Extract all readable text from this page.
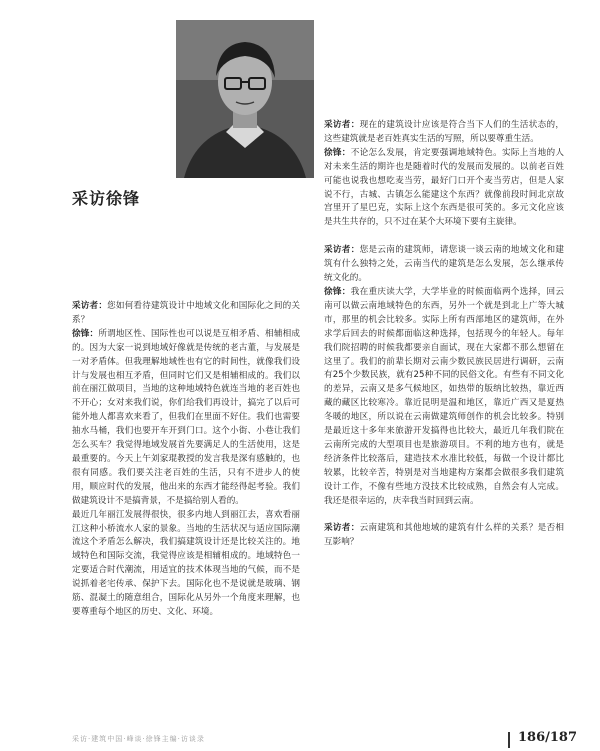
采访徐锋

采访者：您如何看待建筑设计中地域文化和国际化之间的关系？

徐锋：所谓地区性、国际性也可以说是互相矛盾、相辅相成的。因为大家一说到地域好像就是传统的老古董，与发展是一对矛盾体。但我理解地域性也有它的时间性，就像我们设计与发展也相互矛盾，但同时它们又是相辅相成的。我们以前在丽江做项目，当地的这种地域特色就连当地的老百姓也不开心；女对来我们说，你们给我们再设计，搞完了以后可能外地人都喜欢来看了，但我们在里面不好住。我们也需要抽水马桶，我们也要开车开到门口。这个小街、小巷让我们怎么买车？我觉得地域发展首先要满足人的生活使用，这是最重要的。今天上午刘家琨教授的发言我是深有感触的，也很有同感。我们要关注老百姓的生活，只有不进步人的使用，顺应时代的发展，他出来的东西才能经得起考验。我们做建筑设计不是搞背景，不是搞给别人看的。

最近几年丽江发展得很快，很多内地人到丽江去，喜欢看丽江这种小桥流水人家的景象。当地的生活状况与适应国际潮流这个矛盾怎么解决，我们搞建筑设计还是比较关注的。地域特色和国际交流，我觉得应该是相辅相成的。地域特色一定要适合时代潮流，用适宜的技术体现当地的气候，而不是说抓着老宅传承、保护下去。国际化也不是说就是玻璃、钢筋、混凝土的随意组合，国际化从另外一个角度来理解，也要尊重每个地区的历史、文化、环境。

采访者：现在的建筑设计应该是符合当下人们的生活状态的，这些建筑就是老百姓真实生活的写照，所以要尊重生活。

徐锋：不论怎么发展，肯定要强调地域特色。实际上当地的人对未来生活的期许也是随着时代的发展而发展的。以前老百姓可能也说我也想吃麦当劳，最好门口开个麦当劳店，但是人家说不行，古城、古镇怎么能建这个东西？就像前段时间北京故宫里开了星巴克，实际上这个东西是很可笑的。多元文化应该是共生共存的，只不过在某个大环境下要有主旋律。

采访者：您是云南的建筑师，请您谈一谈云南的地域文化和建筑有什么独特之处，云南当代的建筑是怎么发展，怎么继承传统文化的。

徐锋：我在重庆读大学，大学毕业的时候面临两个选择，回云南可以做云南地域特色的东西，另外一个就是到北上广等大城市，那里的机会比较多。实际上所有西部地区的建筑师，在外求学后回去的时候都面临这种选择，包括现今的年轻人。每年我们院招聘的时候我都要亲自面试，现在大家都不那么想留在这里了。我们的前辈长期对云南少数民族民居进行调研，云南有25个少数民族，就有25种不同的民俗文化。有些有不同文化的差异，云南又是多气候地区，如热带的版纳比较热，靠近西藏的藏区比较寒冷。靠近昆明是温和地区，靠近广西又是夏热冬暖的地区，所以说在云南做建筑师创作的机会比较多。特别是最近这十多年来旅游开发搞得也比较大，最近几年我们院在云南所完成的大型项目也是旅游项目。不利的地方也有，就是经济条件比较落后，建造技术水准比较低，每做一个设计都比较累，比较辛苦，特别是对当地建构方案都会做很多我们建筑设计工作，不像有些地方没技术比较成熟，自然会有人完成。我还是很幸运的，庆幸我当时回到云南。

采访者：云南建筑和其他地域的建筑有什么样的关系？是否相互影响？

采访·建筑中国·峰谈·徐锋主编·访谈录	186/187
